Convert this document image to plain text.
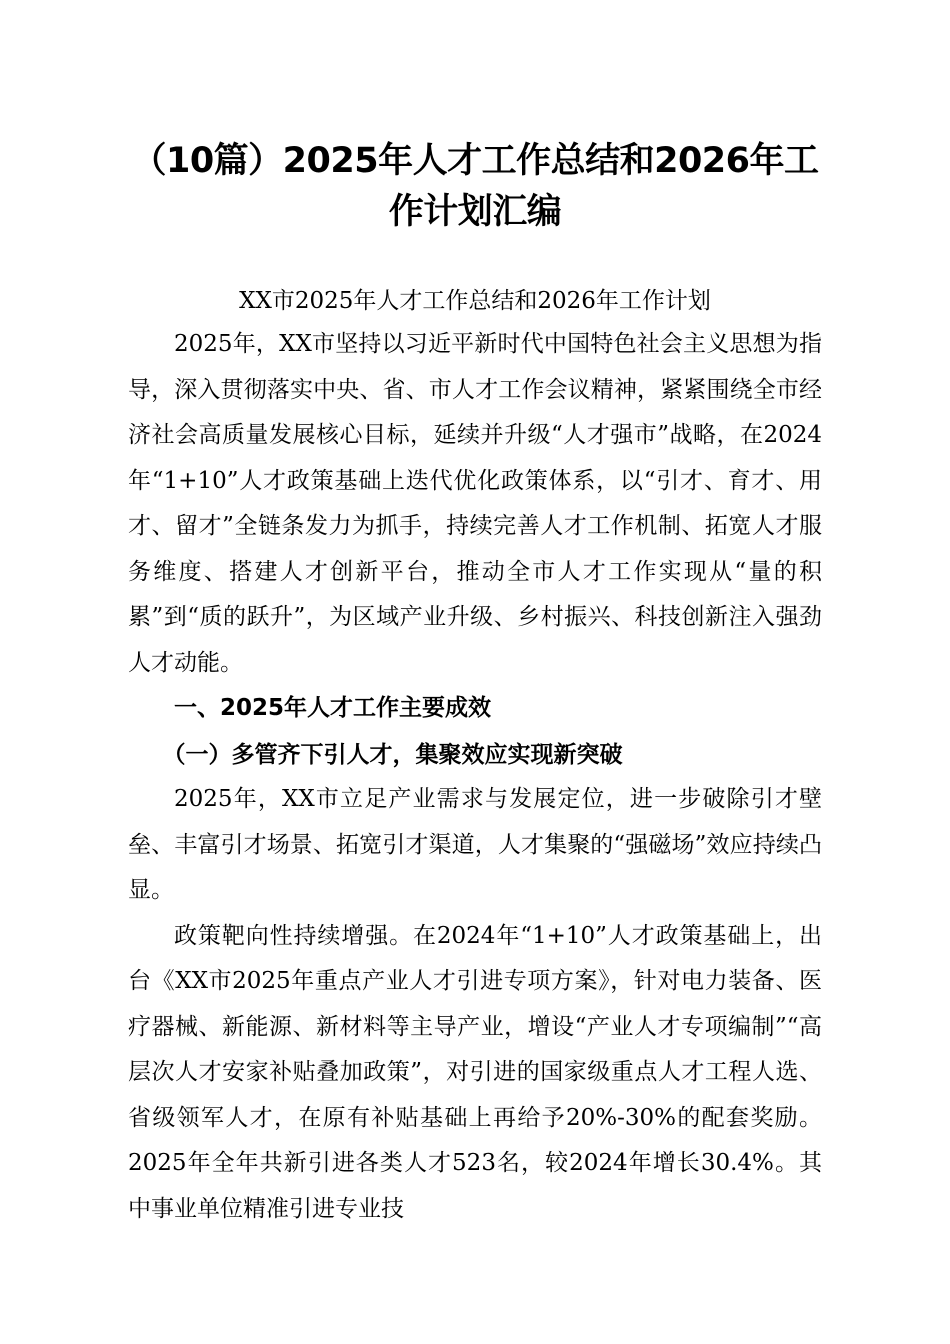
（10篇）2025年人才工作总结和2026年工作计划汇编
XX市2025年人才工作总结和2026年工作计划

2025年，XX市坚持以习近平新时代中国特色社会主义思想为指导，深入贯彻落实中央、省、市人才工作会议精神，紧紧围绕全市经济社会高质量发展核心目标，延续并升级“人才强市”战略，在2024年“1+10”人才政策基础上迭代优化政策体系，以“引才、育才、用才、留才”全链条发力为抓手，持续完善人才工作机制、拓宽人才服务维度、搭建人才创新平台，推动全市人才工作实现从“量的积累”到“质的跃升”，为区域产业升级、乡村振兴、科技创新注入强劲人才动能。

一、2025年人才工作主要成效

（一）多管齐下引人才，集聚效应实现新突破

2025年，XX市立足产业需求与发展定位，进一步破除引才壁垒、丰富引才场景、拓宽引才渠道，人才集聚的“强磁场”效应持续凸显。

政策靶向性持续增强。在2024年“1+10”人才政策基础上，出台《XX市2025年重点产业人才引进专项方案》，针对电力装备、医疗器械、新能源、新材料等主导产业，增设“产业人才专项编制”“高层次人才安家补贴叠加政策”，对引进的国家级重点人才工程人选、省级领军人才，在原有补贴基础上再给予20%-30%的配套奖励。2025年全年共新引进各类人才523名，较2024年增长30.4%。其中事业单位精准引进专业技
